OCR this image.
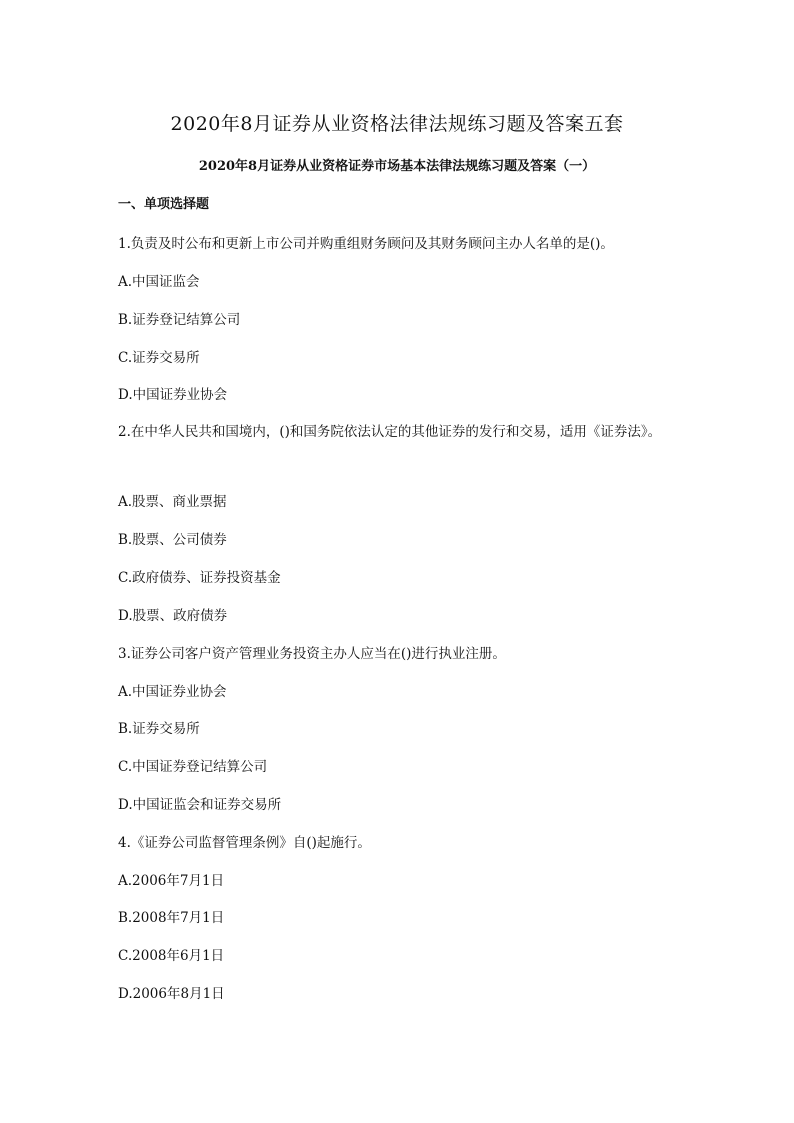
2020年8月证券从业资格法律法规练习题及答案五套
2020年8月证券从业资格证券市场基本法律法规练习题及答案（一）
一、单项选择题
1.负责及时公布和更新上市公司并购重组财务顾问及其财务顾问主办人名单的是()。
A.中国证监会
B.证券登记结算公司
C.证券交易所
D.中国证券业协会
2.在中华人民共和国境内，()和国务院依法认定的其他证券的发行和交易，适用《证券法》。
A.股票、商业票据
B.股票、公司债券
C.政府债券、证券投资基金
D.股票、政府债券
3.证券公司客户资产管理业务投资主办人应当在()进行执业注册。
A.中国证券业协会
B.证券交易所
C.中国证券登记结算公司
D.中国证监会和证券交易所
4.《证券公司监督管理条例》自()起施行。
A.2006年7月1日
B.2008年7月1日
C.2008年6月1日
D.2006年8月1日
